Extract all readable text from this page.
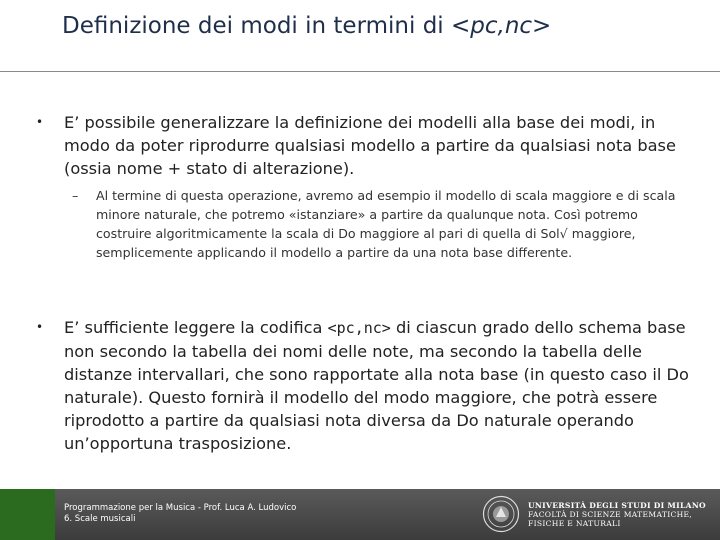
Definizione dei modi in termini di <pc,nc>
• E’ possibile generalizzare la definizione dei modelli alla base dei modi, in modo da poter riprodurre qualsiasi modello a partire da qualsiasi nota base (ossia nome + stato di alterazione).
– Al termine di questa operazione, avremo ad esempio il modello di scala maggiore e di scala minore naturale, che potremo «istanziare» a partire da qualunque nota. Così potremo costruire algoritmicamente la scala di Do maggiore al pari di quella di Sol√ maggiore, semplicemente applicando il modello a partire da una nota base differente.
• E’ sufficiente leggere la codifica <pc,nc> di ciascun grado dello schema base non secondo la tabella dei nomi delle note, ma secondo la tabella delle distanze intervallari, che sono rapportate alla nota base (in questo caso il Do naturale). Questo fornirà il modello del modo maggiore, che potrà essere riprodotto a partire da qualsiasi nota diversa da Do naturale operando un’opportuna trasposizione.
Programmazione per la Musica - Prof. Luca A. Ludovico
6. Scale musicali
UNIVERSITÀ DEGLI STUDI DI MILANO
FACOLTÀ DI SCIENZE MATEMATICHE,
FISICHE E NATURALI
